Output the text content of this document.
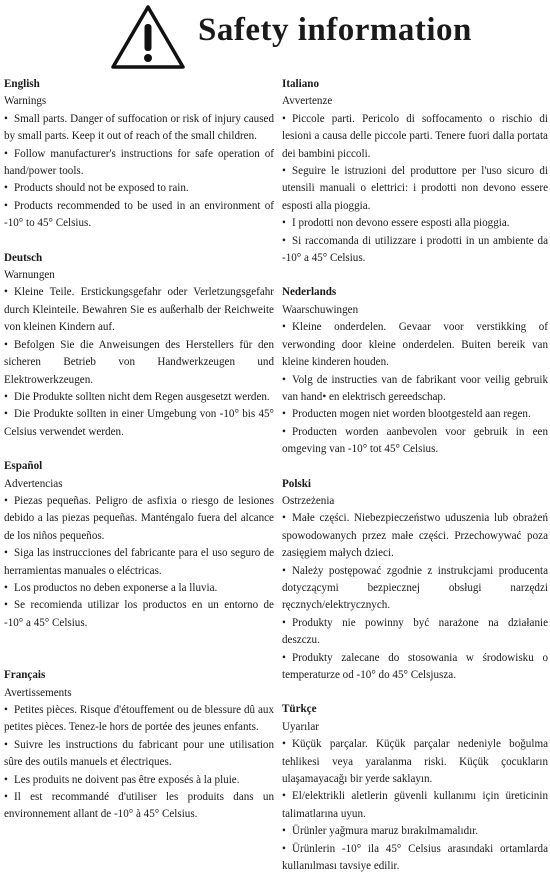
Safety information

English

Warnings

• Small parts. Danger of suffocation or risk of injury caused by small parts. Keep it out of reach of the small children.
• Follow manufacturer's instructions for safe operation of hand/power tools.
• Products should not be exposed to rain.
• Products recommended to be used in an environment of -10° to 45° Celsius.

Deutsch

Warnungen

• Kleine Teile. Erstickungsgefahr oder Verletzungsgefahr durch Kleinteile. Bewahren Sie es außerhalb der Reichweite von kleinen Kindern auf.
• Befolgen Sie die Anweisungen des Herstellers für den sicheren Betrieb von Handwerkzeugen und Elektrowerkzeugen.
• Die Produkte sollten nicht dem Regen ausgesetzt werden.
• Die Produkte sollten in einer Umgebung von -10° bis 45° Celsius verwendet werden.

Español

Advertencias

• Piezas pequeñas. Peligro de asfixia o riesgo de lesiones debido a las piezas pequeñas. Manténgalo fuera del alcance de los niños pequeños.
• Siga las instrucciones del fabricante para el uso seguro de herramientas manuales o eléctricas.
• Los productos no deben exponerse a la lluvia.
• Se recomienda utilizar los productos en un entorno de -10° a 45° Celsius.

Français

Avertissements

• Petites pièces. Risque d'étouffement ou de blessure dû aux petites pièces. Tenez-le hors de portée des jeunes enfants.
• Suivre les instructions du fabricant pour une utilisation sûre des outils manuels et électriques.
• Les produits ne doivent pas être exposés à la pluie.
• Il est recommandé d'utiliser les produits dans un environnement allant de -10° à 45° Celsius.

Italiano

Avvertenze

• Piccole parti. Pericolo di soffocamento o rischio di lesioni a causa delle piccole parti. Tenere fuori dalla portata dei bambini piccoli.
• Seguire le istruzioni del produttore per l'uso sicuro di utensili manuali o elettrici: i prodotti non devono essere esposti alla pioggia.
• I prodotti non devono essere esposti alla pioggia.
• Si raccomanda di utilizzare i prodotti in un ambiente da -10° a 45° Celsius.

Nederlands

Waarschuwingen

• Kleine onderdelen. Gevaar voor verstikking of verwonding door kleine onderdelen. Buiten bereik van kleine kinderen houden.
• Volg de instructies van de fabrikant voor veilig gebruik van hand• en elektrisch gereedschap.
• Producten mogen niet worden blootgesteld aan regen.
• Producten worden aanbevolen voor gebruik in een omgeving van -10° tot 45° Celsius.

Polski

Ostrzeżenia

• Małe części. Niebezpieczeństwo uduszenia lub obrażeń spowodowanych przez małe części. Przechowywać poza zasięgiem małych dzieci.
• Należy postępować zgodnie z instrukcjami producenta dotyczącymi bezpiecznej obsługi narzędzi ręcznych/elektrycznych.
• Produkty nie powinny być narażone na działanie deszczu.
• Produkty zalecane do stosowania w środowisku o temperaturze od -10° do 45° Celsjusza.

Türkçe

Uyarılar

• Küçük parçalar. Küçük parçalar nedeniyle boğulma tehlikesi veya yaralanma riski. Küçük çocukların ulaşamayacağı bir yerde saklayın.
• El/elektrikli aletlerin güvenli kullanımı için üreticinin talimatlarına uyun.
• Ürünler yağmura maruz bırakılmamalıdır.
• Ürünlerin -10° ila 45° Celsius arasındaki ortamlarda kullanılması tavsiye edilir.
